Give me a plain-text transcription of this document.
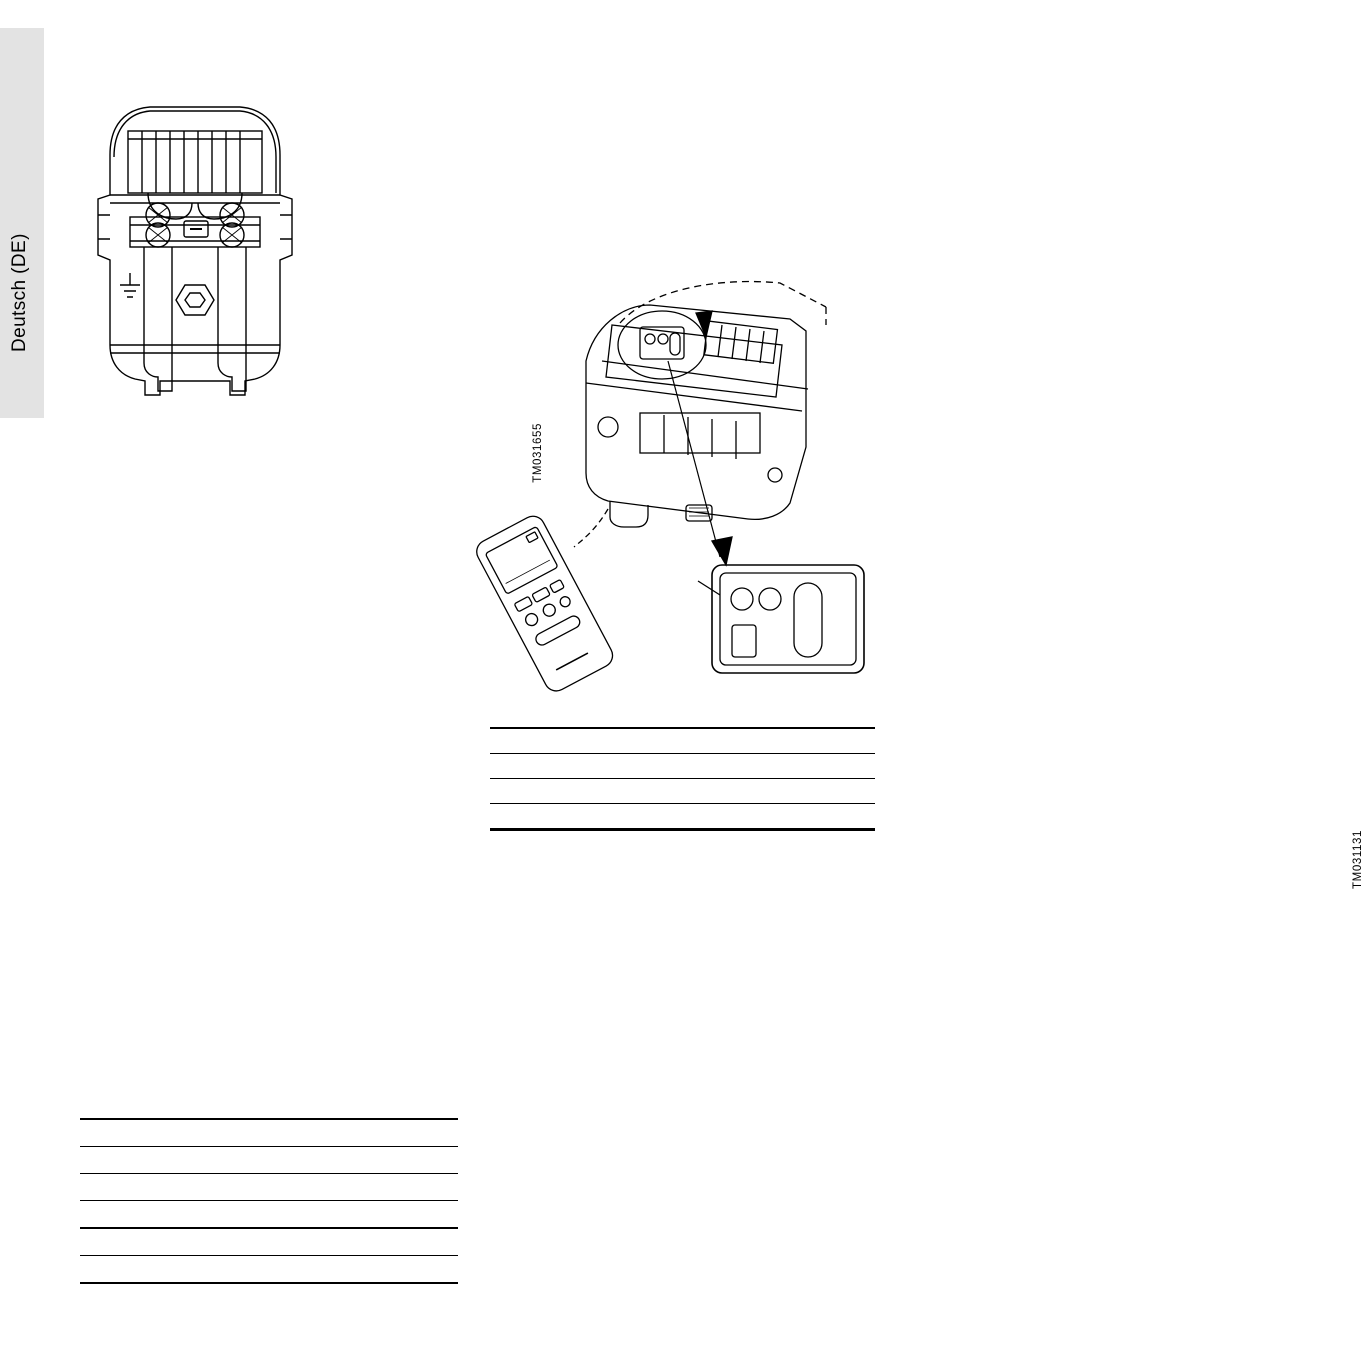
Deutsch (DE)
TM031655
TM031131
